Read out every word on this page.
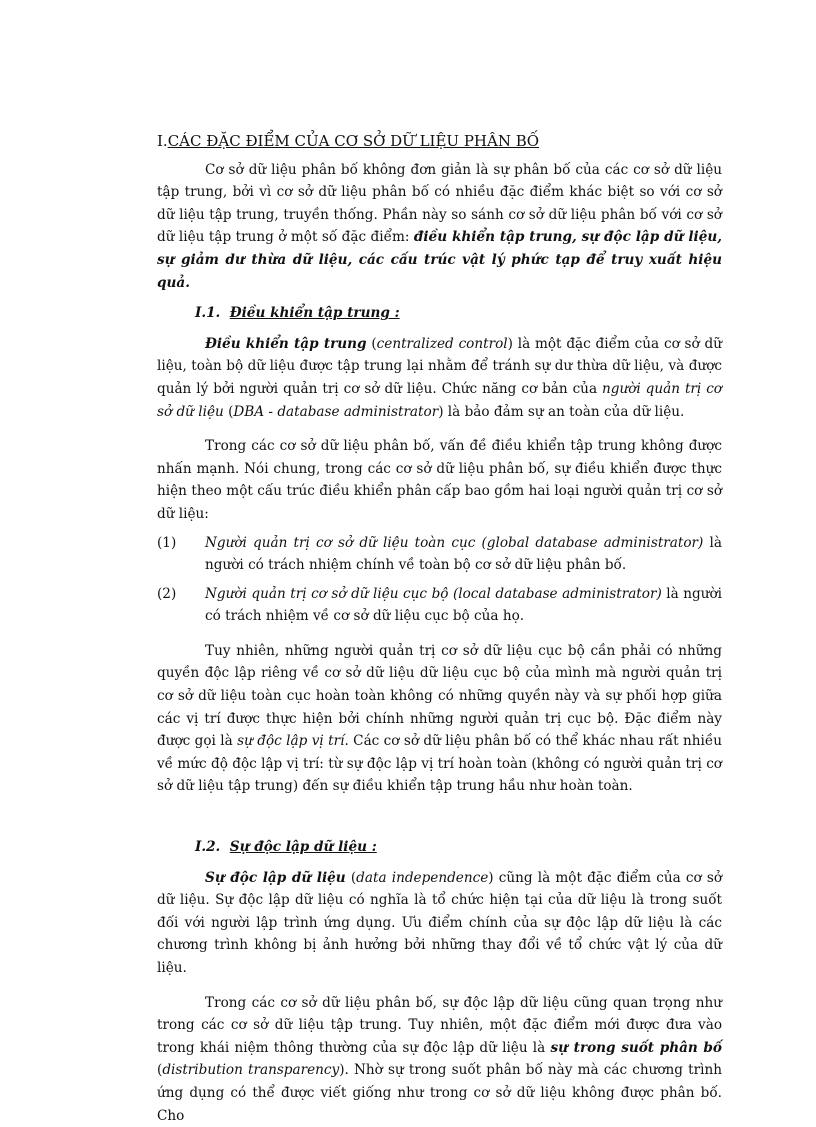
I.CÁC ĐẶC ĐIỂM CỦA CƠ SỞ DỮ LIỆU PHÂN BỐ

Cơ sở dữ liệu phân bố không đơn giản là sự phân bố của các cơ sở dữ liệu tập trung, bởi vì cơ sở dữ liệu phân bố có nhiều đặc điểm khác biệt so với cơ sở dữ liệu tập trung, truyền thống. Phần này so sánh cơ sở dữ liệu phân bố với cơ sở dữ liệu tập trung ở một số đặc điểm: điều khiển tập trung, sự độc lập dữ liệu, sự giảm dư thừa dữ liệu, các cấu trúc vật lý phức tạp để truy xuất hiệu quả.

I.1. Điều khiển tập trung :

Điều khiển tập trung (centralized control) là một đặc điểm của cơ sở dữ liệu, toàn bộ dữ liệu được tập trung lại nhằm để tránh sự dư thừa dữ liệu, và được quản lý bởi người quản trị cơ sở dữ liệu. Chức năng cơ bản của người quản trị cơ sở dữ liệu (DBA - database administrator) là bảo đảm sự an toàn của dữ liệu.

Trong các cơ sở dữ liệu phân bố, vấn đề điều khiển tập trung không được nhấn mạnh. Nói chung, trong các cơ sở dữ liệu phân bố, sự điều khiển được thực hiện theo một cấu trúc điều khiển phân cấp bao gồm hai loại người quản trị cơ sở dữ liệu:

(1)	Người quản trị cơ sở dữ liệu toàn cục (global database administrator) là người có trách nhiệm chính về toàn bộ cơ sở dữ liệu phân bố.
(2)	Người quản trị cơ sở dữ liệu cục bộ (local database administrator) là người có trách nhiệm về cơ sở dữ liệu cục bộ của họ.

Tuy nhiên, những người quản trị cơ sở dữ liệu cục bộ cần phải có những quyền độc lập riêng về cơ sở dữ liệu dữ liệu cục bộ của mình mà người quản trị cơ sở dữ liệu toàn cục hoàn toàn không có những quyền này và sự phối hợp giữa các vị trí được thực hiện bởi chính những người quản trị cục bộ. Đặc điểm này được gọi là sự độc lập vị trí. Các cơ sở dữ liệu phân bố có thể khác nhau rất nhiều về mức độ độc lập vị trí: từ sự độc lập vị trí hoàn toàn (không có người quản trị cơ sở dữ liệu tập trung) đến sự điều khiển tập trung hầu như hoàn toàn.

I.2. Sự độc lập dữ liệu :

Sự độc lập dữ liệu (data independence) cũng là một đặc điểm của cơ sở dữ liệu. Sự độc lập dữ liệu có nghĩa là tổ chức hiện tại của dữ liệu là trong suốt đối với người lập trình ứng dụng. Ưu điểm chính của sự độc lập dữ liệu là các chương trình không bị ảnh hưởng bởi những thay đổi về tổ chức vật lý của dữ liệu.

Trong các cơ sở dữ liệu phân bố, sự độc lập dữ liệu cũng quan trọng như trong các cơ sở dữ liệu tập trung. Tuy nhiên, một đặc điểm mới được đưa vào trong khái niệm thông thường của sự độc lập dữ liệu là sự trong suốt phân bố (distribution transparency). Nhờ sự trong suốt phân bố này mà các chương trình ứng dụng có thể được viết giống như trong cơ sở dữ liệu không được phân bố. Cho
